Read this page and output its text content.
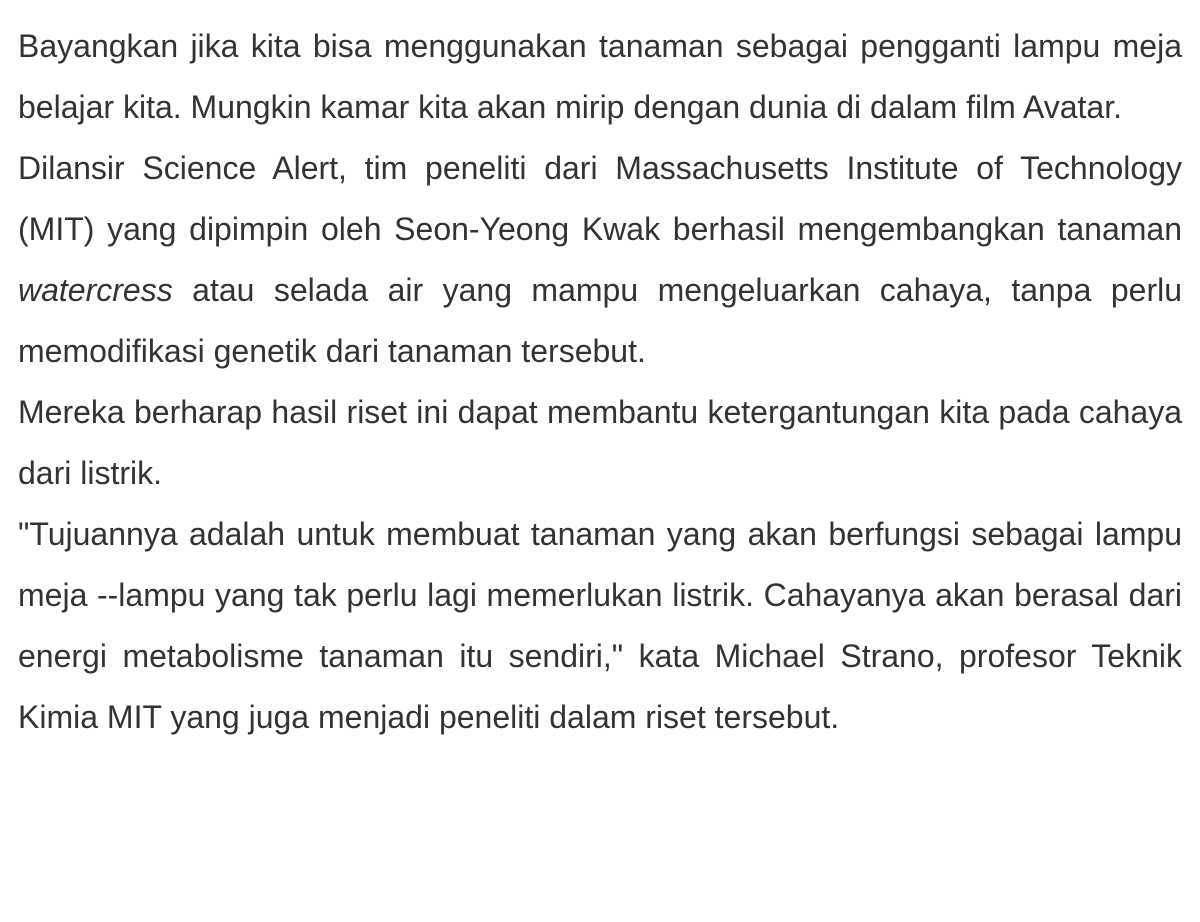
Bayangkan jika kita bisa menggunakan tanaman sebagai pengganti lampu meja belajar kita. Mungkin kamar kita akan mirip dengan dunia di dalam film Avatar.

Dilansir Science Alert, tim peneliti dari Massachusetts Institute of Technology (MIT) yang dipimpin oleh Seon-Yeong Kwak berhasil mengembangkan tanaman watercress atau selada air yang mampu mengeluarkan cahaya, tanpa perlu memodifikasi genetik dari tanaman tersebut.

Mereka berharap hasil riset ini dapat membantu ketergantungan kita pada cahaya dari listrik.

"Tujuannya adalah untuk membuat tanaman yang akan berfungsi sebagai lampu meja --lampu yang tak perlu lagi memerlukan listrik. Cahayanya akan berasal dari energi metabolisme tanaman itu sendiri," kata Michael Strano, profesor Teknik Kimia MIT yang juga menjadi peneliti dalam riset tersebut.
